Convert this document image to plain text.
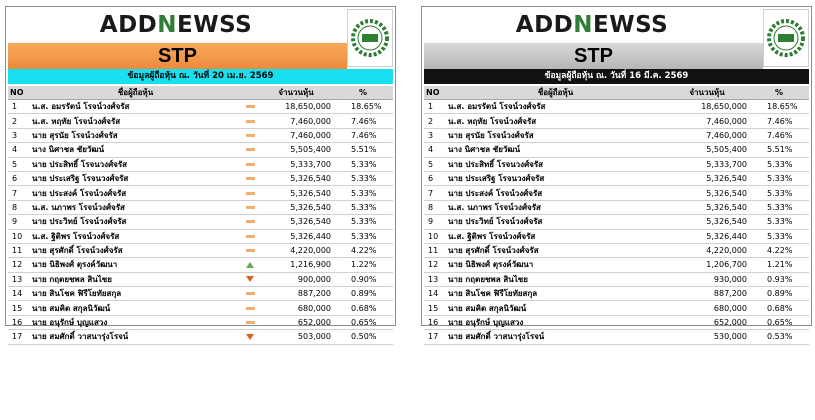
ADDNEWSS
STP
ข้อมูลผู้ถือหุ้น ณ. วันที่ 20 เม.ย. 2569
NO	ชื่อผู้ถือหุ้น		จำนวนหุ้น	%
1	น.ส. อมรรัตน์ โรจน์วงศ์จรัส		18,650,000	18.65%
2	น.ส. หฤทัย โรจน์วงศ์จรัส		7,460,000	7.46%
3	นาย สุรนัย โรจน์วงศ์จรัส		7,460,000	7.46%
4	นาง นิศาชล ชัยวัฒน์		5,505,400	5.51%
5	นาย ประสิทธิ์ โรจนวงศ์จรัส		5,333,700	5.33%
6	นาย ประเสริฐ โรจนวงศ์จรัส		5,326,540	5.33%
7	นาย ประสงค์ โรจน์วงศ์จรัส		5,326,540	5.33%
8	น.ส. นภาพร โรจน์วงศ์จรัส		5,326,540	5.33%
9	นาย ประวิทย์ โรจน์วงศ์จรัส		5,326,540	5.33%
10	น.ส. ฐิติพร โรจน์วงศ์จรัส		5,326,440	5.33%
11	นาย สุรศักดิ์ โรจน์วงศ์จรัส		4,220,000	4.22%
12	นาย นิธิพงศ์ ตุรงค์วัฒนา		1,216,900	1.22%
13	นาย กฤตยชพล สินไชย		900,000	0.90%
14	นาย สินโชค ฟิรีโยทัยสกุล		887,200	0.89%
15	นาย สมคิด สกุลนิวัฒน์		680,000	0.68%
16	นาย อนุรักษ์ บุญแสวง		652,000	0.65%
17	นาย สมศักดิ์ วาสนารุ่งโรจน์		503,000	0.50%
ADDNEWSS
STP
ข้อมูลผู้ถือหุ้น ณ. วันที่ 16 มี.ค. 2569
NO	ชื่อผู้ถือหุ้น	จำนวนหุ้น	%
1	น.ส. อมรรัตน์ โรจน์วงศ์จรัส	18,650,000	18.65%
2	น.ส. หฤทัย โรจน์วงศ์จรัส	7,460,000	7.46%
3	นาย สุรนัย โรจน์วงศ์จรัส	7,460,000	7.46%
4	นาง นิศาชล ชัยวัฒน์	5,505,400	5.51%
5	นาย ประสิทธิ์ โรจนวงศ์จรัส	5,333,700	5.33%
6	นาย ประเสริฐ โรจนวงศ์จรัส	5,326,540	5.33%
7	นาย ประสงค์ โรจน์วงศ์จรัส	5,326,540	5.33%
8	น.ส. นภาพร โรจน์วงศ์จรัส	5,326,540	5.33%
9	นาย ประวิทย์ โรจน์วงศ์จรัส	5,326,540	5.33%
10	น.ส. ฐิติพร โรจน์วงศ์จรัส	5,326,440	5.33%
11	นาย สุรศักดิ์ โรจน์วงศ์จรัส	4,220,000	4.22%
12	นาย นิธิพงศ์ ตุรงค์วัฒนา	1,206,700	1.21%
13	นาย กฤตยชพล สินไชย	930,000	0.93%
14	นาย สินโชค ฟิรีโยทัยสกุล	887,200	0.89%
15	นาย สมคิด สกุลนิวัฒน์	680,000	0.68%
16	นาย อนุรักษ์ บุญแสวง	652,000	0.65%
17	นาย สมศักดิ์ วาสนารุ่งโรจน์	530,000	0.53%
